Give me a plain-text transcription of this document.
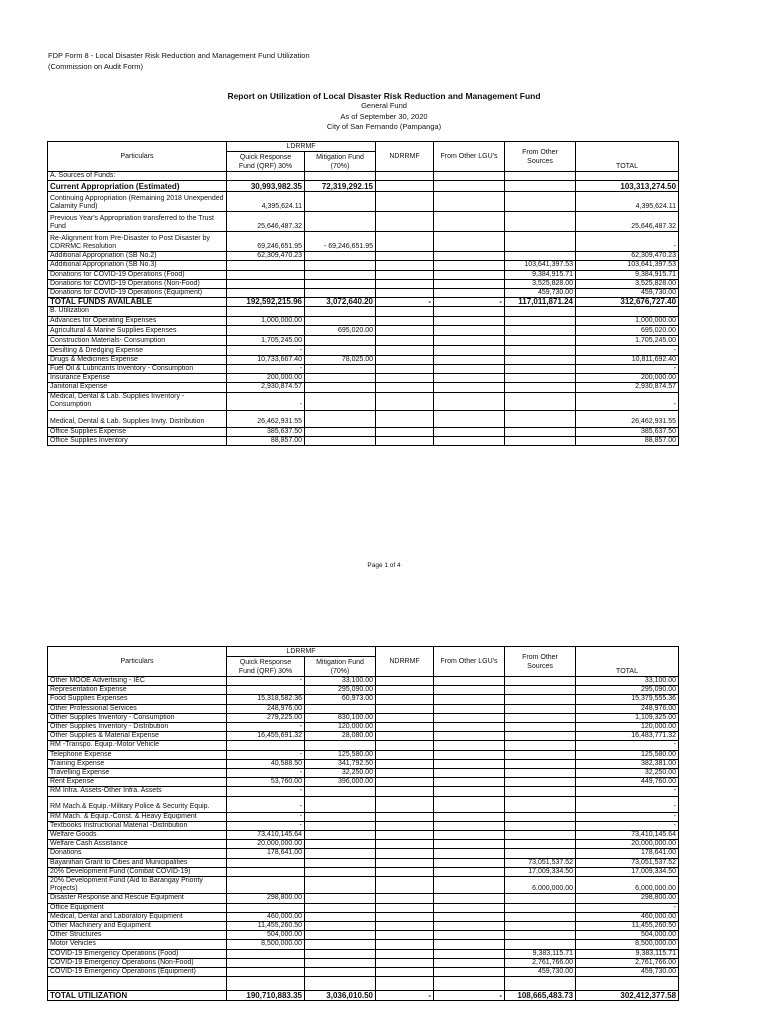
FDP Form 8 - Local Disaster Risk Reduction and Management Fund Utilization
(Commission on Audit Form)
Report on Utilization of Local Disaster Risk Reduction and Management Fund
General Fund
As of September 30, 2020
City of San Fernando (Pampanga)
Particulars	LDRRMF		NDRRMF	From Other LGU's	From Other
Sources	TOTAL
	Quick Response
Fund (QRF) 30%	Mitigation Fund
(70%)				
A. Sources of Funds:						
Current Appropriation (Estimated)	30,993,982.35	72,319,292.15				103,313,274.50
Continuing Appropriation (Remaining 2018 Unexpended Calamity Fund)	4,395,624.11					4,395,624.11
Previous Year's Appropriation transferred to the Trust Fund	25,646,487.32					25,646,487.32
Re-Alignment from Pre-Disaster to Post Disaster by CDRRMC Resolution	69,246,651.95	- 69,246,651.95				-
Additional Appropriation (SB No.2)	62,309,470.23					62,309,470.23
Additional Appropriation (SB No.3)					103,641,397.53	103,641,397.53
Donations for COVID-19 Operations (Food)					9,384,915.71	9,384,915.71
Donations for COVID-19 Operations (Non-Food)					3,525,828.00	3,525,828.00
Donations for COVID-19 Operations (Equipment)					459,730.00	459,730.00
TOTAL FUNDS AVAILABLE	192,592,215.96	3,072,640.20	-	-	117,011,871.24	312,676,727.40
B. Utilization						
Advances for Operating Expenses	1,000,000.00					1,000,000.00
Agricultural & Marine Supplies Expenses		695,020.00				695,020.00
Construction Materials- Consumption	1,705,245.00					1,705,245.00
Desilting & Dredging Expense	-					-
Drugs & Medicines Expense	10,733,667.40	78,025.00				10,811,692.40
Fuel Oil & Lubricants Inventory - Consumption	-					-
Insurance Expense	200,000.00					200,000.00
Janitorial Expense	2,930,874.57					2,930,874.57
Medical, Dental & Lab. Supplies Inventory - Consumption	-					-
Medical, Dental & Lab. Supplies Invty. Distribution	26,462,931.55					26,462,931.55
Office Supplies Expense	385,637.50					385,637.50
Office Supplies Inventory	88,857.00					88,857.00
Page 1 of 4
Particulars	LDRRMF		NDRRMF	From Other LGU's	From Other
Sources	TOTAL
	Quick Response
Fund (QRF) 30%	Mitigation Fund
(70%)				
Other MOOE Advertising - IEC	-	33,100.00				33,100.00
Representation Expense		295,090.00				295,090.00
Food Supplies Expenses	15,318,582.36	60,973.00				15,379,555.36
Other Professional Services	248,976.00					248,976.00
Other Supplies Inventory - Consumption	279,225.00	830,100.00				1,109,325.00
Other Supplies Inventory - Distribution	-	120,000.00				120,000.00
Other Supplies & Material Expense	16,455,691.32	28,080.00				16,483,771.32
RM -Transpo. Equip.-Motor Vehicle						-
Telephone Expense	-	125,580.00				125,580.00
Training Expense	40,588.50	341,792.50				382,381.00
Travelling Expense	-	32,250.00				32,250.00
Rent Expense	53,760.00	396,000.00				449,760.00
RM Infra. Assets-Other Infra. Assets	-					-
RM Mach.& Equip.-Military Police & Security Equip.	-					-
RM Mach. & Equip.-Const. & Heavy Equipment	-					-
Textbooks Instructional Material -Distribution	-					-
Welfare Goods	73,410,145.64					73,410,145.64
Welfare Cash Assistance	20,000,000.00					20,000,000.00
Donations	178,641.00					178,641.00
Bayanihan Grant to Cities and Municipalities					73,051,537.52	73,051,537.52
20% Development Fund (Combat COVID-19)					17,009,334.50	17,009,334.50
20% Development Fund (Aid to Barangay Priority Projects)					6,000,000.00	6,000,000.00
Disaster Response and Rescue Equipment	298,800.00					298,800.00
Office Equipment						-
Medical, Dental and Laboratory Equipment	460,000.00					460,000.00
Other Machinery and Equipment	11,455,260.50					11,455,260.50
Other Structures	504,000.00					504,000.00
Motor Vehicles	8,500,000.00					8,500,000.00
COVID-19 Emergency Operations (Food)					9,383,115.71	9,383,115.71
COVID-19 Emergency Operations (Non-Food)					2,761,766.00	2,761,766.00
COVID-19 Emergency Operations (Equipment)					459,730.00	459,730.00

TOTAL UTILIZATION	190,710,883.35	3,036,010.50	-	-	108,665,483.73	302,412,377.58
